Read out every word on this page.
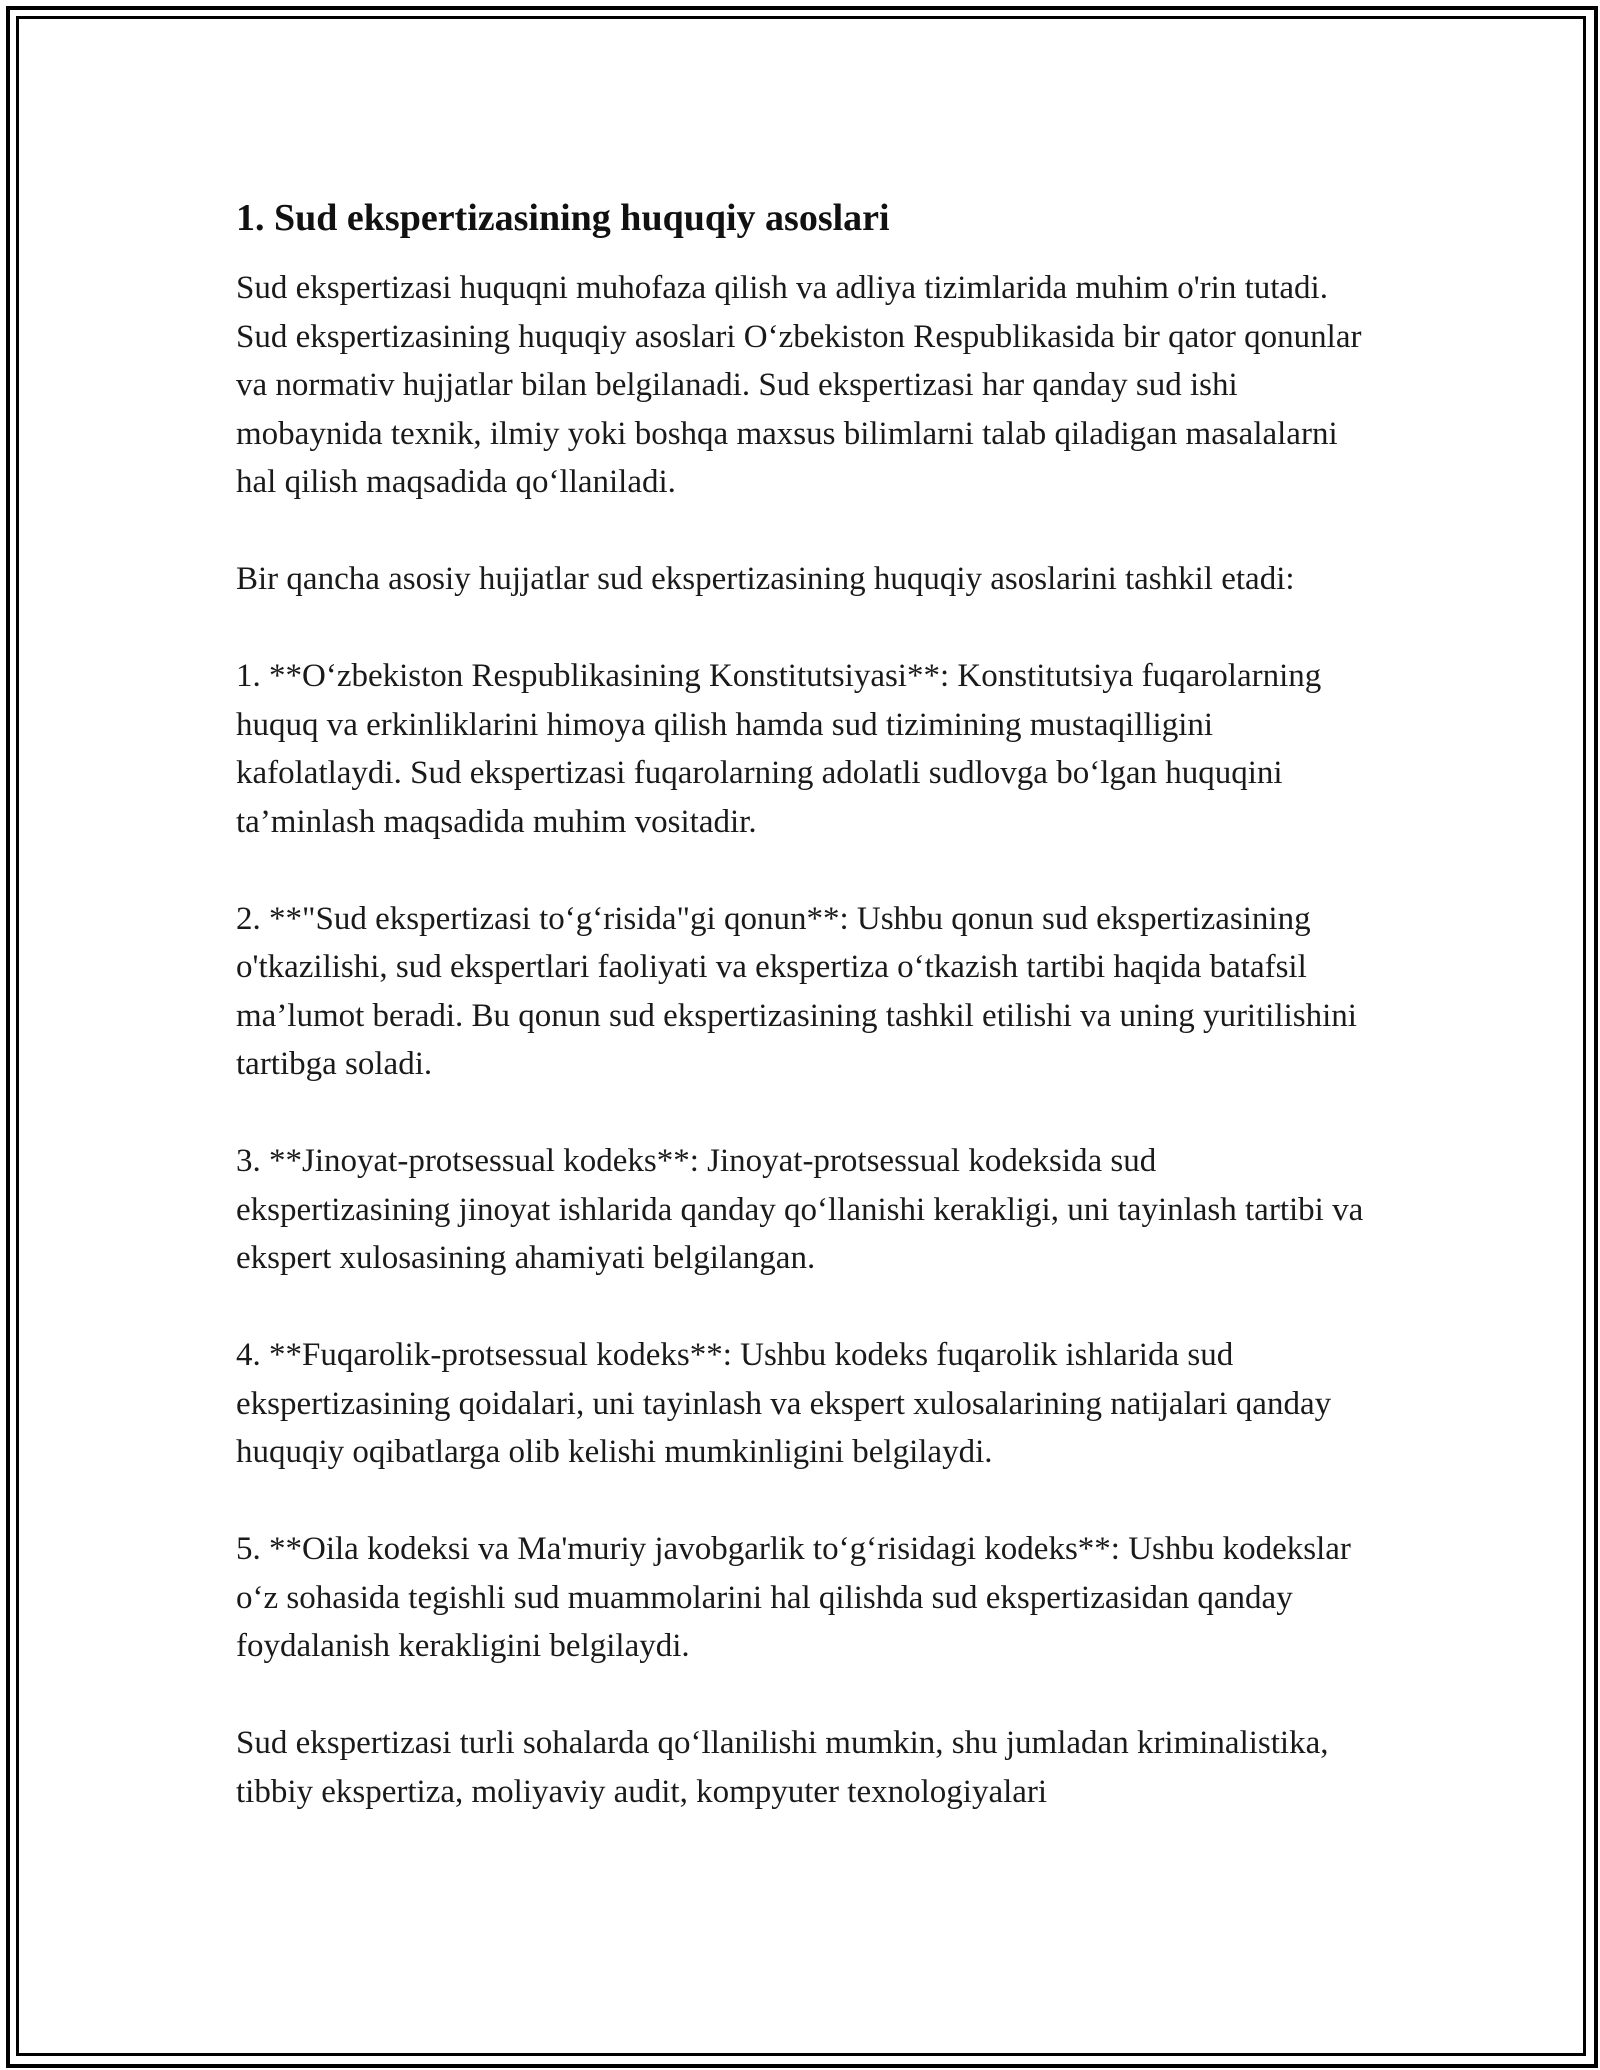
1. Sud ekspertizasining huquqiy asoslari

Sud ekspertizasi huquqni muhofaza qilish va adliya tizimlarida muhim o'rin tutadi. Sud ekspertizasining huquqiy asoslari O‘zbekiston Respublikasida bir qator qonunlar va normativ hujjatlar bilan belgilanadi. Sud ekspertizasi har qanday sud ishi mobaynida texnik, ilmiy yoki boshqa maxsus bilimlarni talab qiladigan masalalarni hal qilish maqsadida qo‘llaniladi.

Bir qancha asosiy hujjatlar sud ekspertizasining huquqiy asoslarini tashkil etadi:

1. **O‘zbekiston Respublikasining Konstitutsiyasi**: Konstitutsiya fuqarolarning huquq va erkinliklarini himoya qilish hamda sud tizimining mustaqilligini kafolatlaydi. Sud ekspertizasi fuqarolarning adolatli sudlovga bo‘lgan huquqini ta’minlash maqsadida muhim vositadir.

2. **"Sud ekspertizasi to‘g‘risida"gi qonun**: Ushbu qonun sud ekspertizasining o'tkazilishi, sud ekspertlari faoliyati va ekspertiza o‘tkazish tartibi haqida batafsil ma’lumot beradi. Bu qonun sud ekspertizasining tashkil etilishi va uning yuritilishini tartibga soladi.

3. **Jinoyat-protsessual kodeks**: Jinoyat-protsessual kodeksida sud ekspertizasining jinoyat ishlarida qanday qo‘llanishi kerakligi, uni tayinlash tartibi va ekspert xulosasining ahamiyati belgilangan.

4. **Fuqarolik-protsessual kodeks**: Ushbu kodeks fuqarolik ishlarida sud ekspertizasining qoidalari, uni tayinlash va ekspert xulosalarining natijalari qanday huquqiy oqibatlarga olib kelishi mumkinligini belgilaydi.

5. **Oila kodeksi va Ma'muriy javobgarlik to‘g‘risidagi kodeks**: Ushbu kodekslar o‘z sohasida tegishli sud muammolarini hal qilishda sud ekspertizasidan qanday foydalanish kerakligini belgilaydi.

Sud ekspertizasi turli sohalarda qo‘llanilishi mumkin, shu jumladan kriminalistika, tibbiy ekspertiza, moliyaviy audit, kompyuter texnologiyalari
